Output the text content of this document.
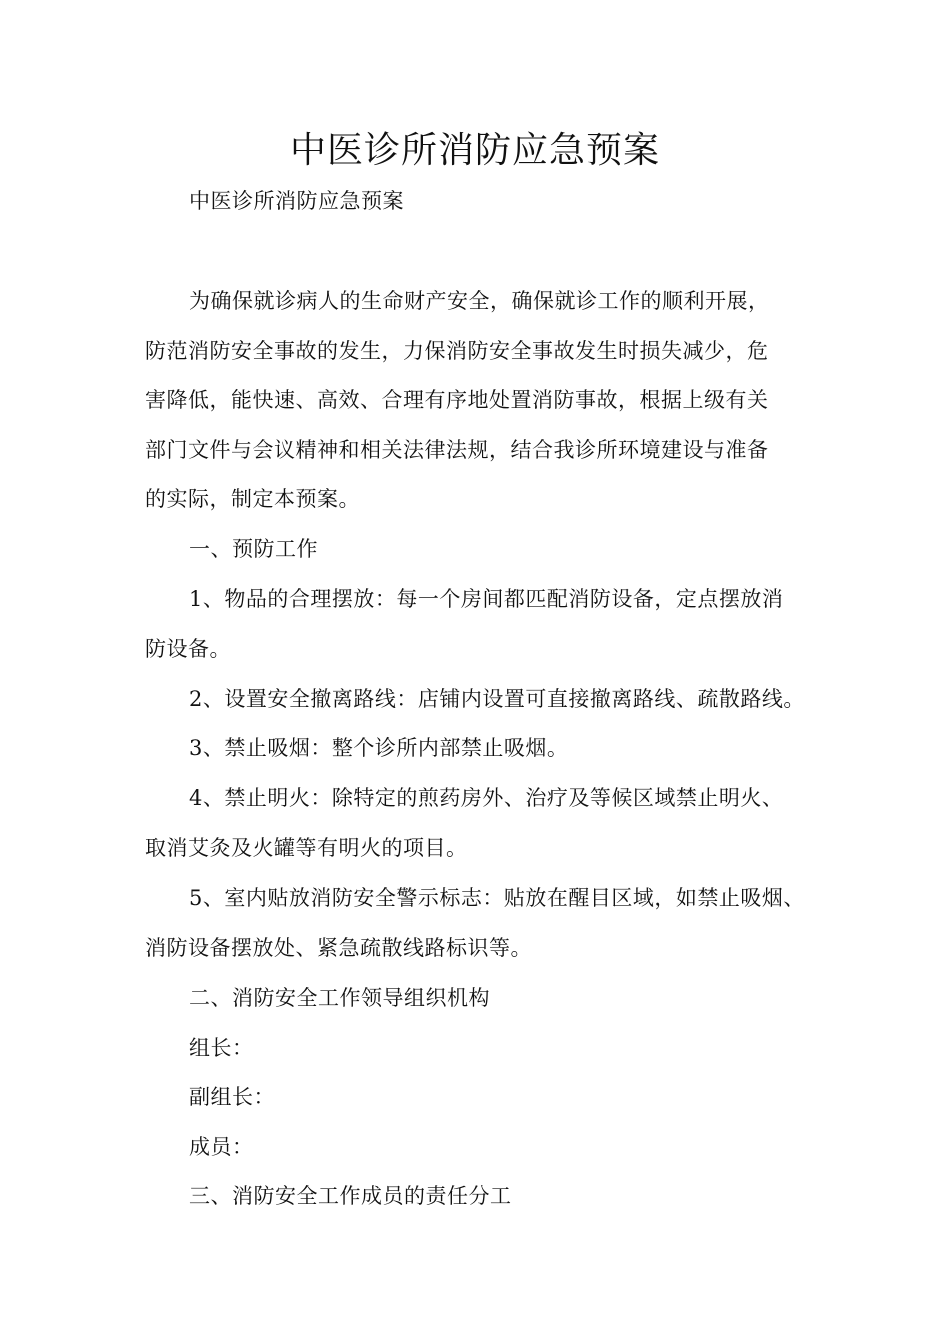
中医诊所消防应急预案
中医诊所消防应急预案
为确保就诊病人的生命财产安全，确保就诊工作的顺利开展，
防范消防安全事故的发生，力保消防安全事故发生时损失减少，危
害降低，能快速、高效、合理有序地处置消防事故，根据上级有关
部门文件与会议精神和相关法律法规，结合我诊所环境建设与准备
的实际，制定本预案。
一、预防工作
1、物品的合理摆放：每一个房间都匹配消防设备，定点摆放消
防设备。
2、设置安全撤离路线：店铺内设置可直接撤离路线、疏散路线。
3、禁止吸烟：整个诊所内部禁止吸烟。
4、禁止明火：除特定的煎药房外、治疗及等候区域禁止明火、
取消艾灸及火罐等有明火的项目。
5、室内贴放消防安全警示标志：贴放在醒目区域，如禁止吸烟、
消防设备摆放处、紧急疏散线路标识等。
二、消防安全工作领导组织机构
组长：
副组长：
成员：
三、消防安全工作成员的责任分工
